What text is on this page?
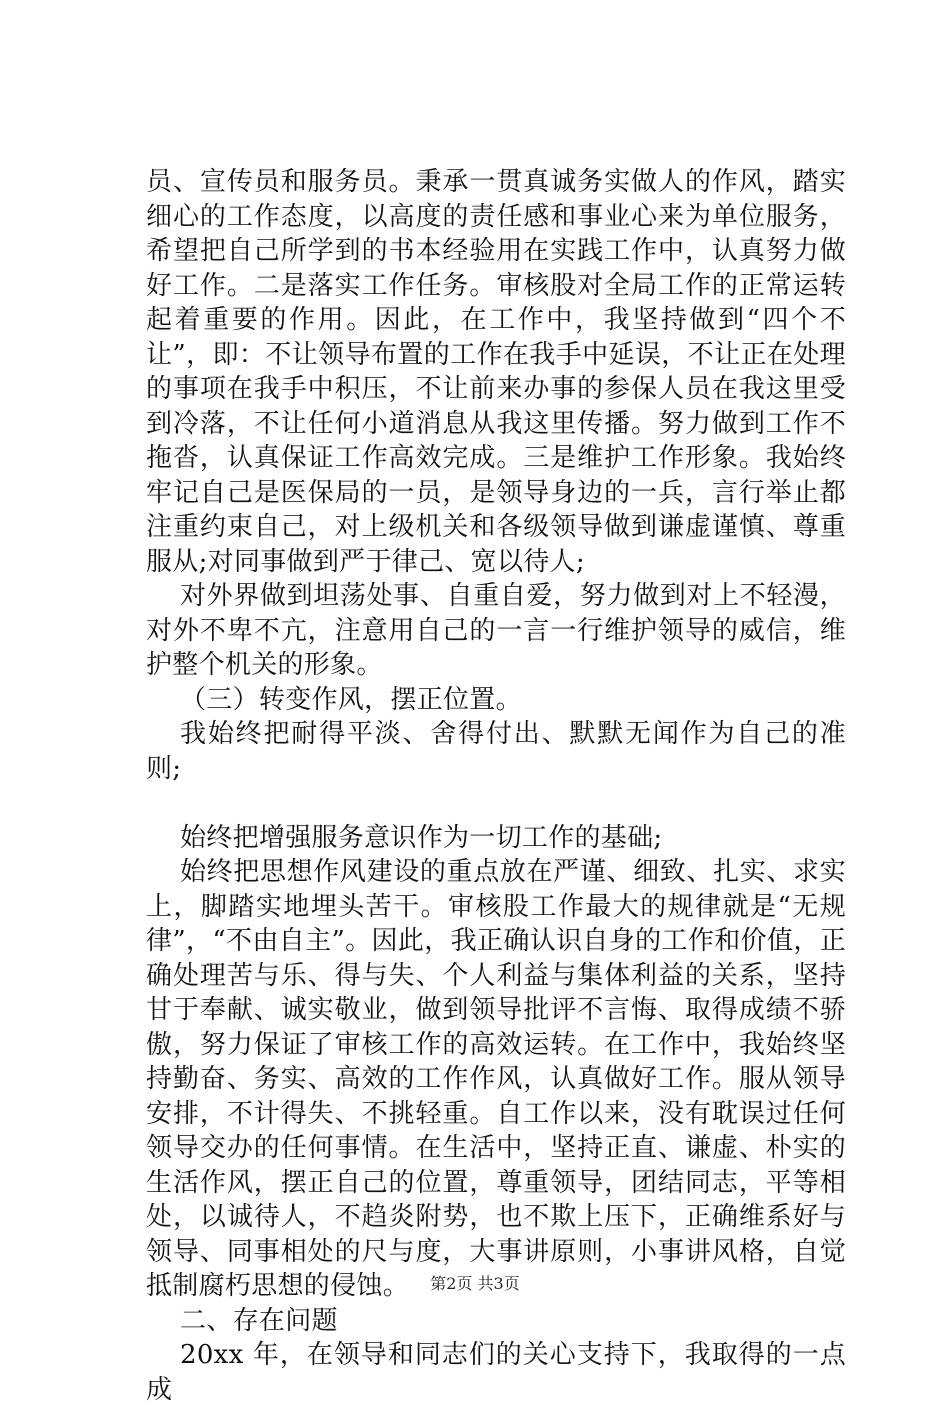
员、宣传员和服务员。秉承一贯真诚务实做人的作风，踏实细心的工作态度，以高度的责任感和事业心来为单位服务，希望把自己所学到的书本经验用在实践工作中，认真努力做好工作。二是落实工作任务。审核股对全局工作的正常运转起着重要的作用。因此，在工作中，我坚持做到“四个不让”，即：不让领导布置的工作在我手中延误，不让正在处理的事项在我手中积压，不让前来办事的参保人员在我这里受到冷落，不让任何小道消息从我这里传播。努力做到工作不拖沓，认真保证工作高效完成。三是维护工作形象。我始终牢记自己是医保局的一员，是领导身边的一兵，言行举止都注重约束自己，对上级机关和各级领导做到谦虚谨慎、尊重服从;对同事做到严于律己、宽以待人;

对外界做到坦荡处事、自重自爱，努力做到对上不轻漫，对外不卑不亢，注意用自己的一言一行维护领导的威信，维护整个机关的形象。

（三）转变作风，摆正位置。

我始终把耐得平淡、舍得付出、默默无闻作为自己的准则;

始终把增强服务意识作为一切工作的基础;

始终把思想作风建设的重点放在严谨、细致、扎实、求实上，脚踏实地埋头苦干。审核股工作最大的规律就是“无规律”，“不由自主”。因此，我正确认识自身的工作和价值，正确处理苦与乐、得与失、个人利益与集体利益的关系，坚持甘于奉献、诚实敬业，做到领导批评不言悔、取得成绩不骄傲，努力保证了审核工作的高效运转。在工作中，我始终坚持勤奋、务实、高效的工作作风，认真做好工作。服从领导安排，不计得失、不挑轻重。自工作以来，没有耽误过任何领导交办的任何事情。在生活中，坚持正直、谦虚、朴实的生活作风，摆正自己的位置，尊重领导，团结同志，平等相处，以诚待人，不趋炎附势，也不欺上压下，正确维系好与领导、同事相处的尺与度，大事讲原则，小事讲风格，自觉抵制腐朽思想的侵蚀。

二、存在问题

20xx 年，在领导和同志们的关心支持下，我取得的一点成

第2页 共3页
